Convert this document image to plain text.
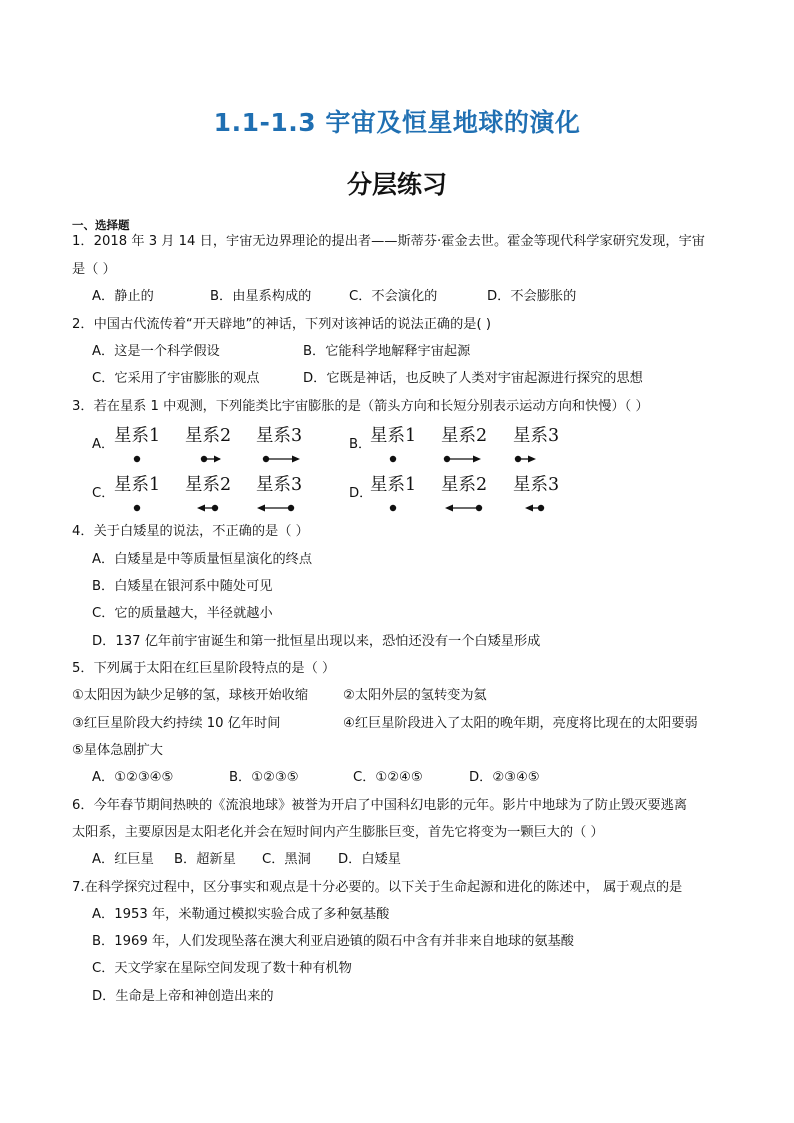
1.1-1.3 宇宙及恒星地球的演化
分层练习
一、选择题
1．2018 年 3 月 14 日，宇宙无边界理论的提出者——斯蒂芬·霍金去世。霍金等现代科学家研究发现，宇宙
是（ ）
A．静止的	B．由星系构成的	C．不会演化的	D．不会膨胀的
2．中国古代流传着“开天辟地”的神话，下列对该神话的说法正确的是( )
A．这是一个科学假设	B．它能科学地解释宇宙起源
C．它采用了宇宙膨胀的观点	D．它既是神话，也反映了人类对宇宙起源进行探究的思想
3．若在星系 1 中观测，下列能类比宇宙膨胀的是（箭头方向和长短分别表示运动方向和快慢）（ ）
A． 星系1 星系2 星系3	B．
星系1 星系2 星系3
C． 星系1 星系2 星系3	D．
星系1 星系2 星系3
4．关于白矮星的说法，不正确的是（ ）
A．白矮星是中等质量恒星演化的终点
B．白矮星在银河系中随处可见
C．它的质量越大，半径就越小
D．137 亿年前宇宙诞生和第一批恒星出现以来，恐怕还没有一个白矮星形成
5．下列属于太阳在红巨星阶段特点的是（ ）
①太阳因为缺少足够的氢，球核开始收缩	②太阳外层的氢转变为氦
③红巨星阶段大约持续 10 亿年时间	④红巨星阶段进入了太阳的晚年期，亮度将比现在的太阳要弱
⑤星体急剧扩大
A．①②③④⑤	B．①②③⑤	C．①②④⑤	D．②③④⑤
6．今年春节期间热映的《流浪地球》被誉为开启了中国科幻电影的元年。影片中地球为了防止毁灭要逃离
太阳系，主要原因是太阳老化并会在短时间内产生膨胀巨变，首先它将变为一颗巨大的（ ）
A．红巨星 B．超新星 C．黑洞 D．白矮星
7.在科学探究过程中，区分事实和观点是十分必要的。以下关于生命起源和进化的陈述中， 属于观点的是
A．1953 年，米勒通过模拟实验合成了多种氨基酸
B．1969 年，人们发现坠落在澳大利亚启逊镇的陨石中含有并非来自地球的氨基酸
C．天文学家在星际空间发现了数十种有机物
D．生命是上帝和神创造出来的
